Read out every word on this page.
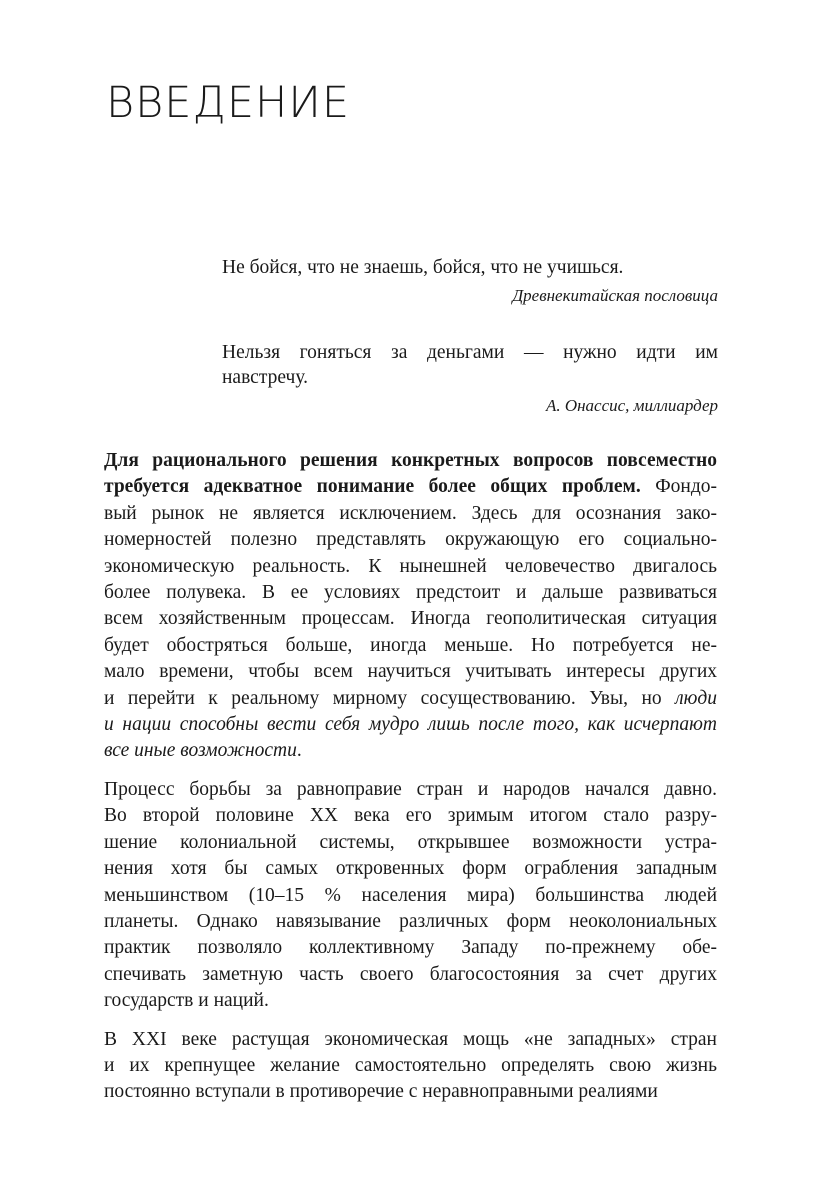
ВВЕДЕНИЕ

Не бойся, что не знаешь, бойся, что не учишься.

Древнекитайская пословица

Нельзя гоняться за деньгами — нужно идти им
навстречу.

А. Онассис, миллиардер

Для рационального решения конкретных вопросов повсеместно
требуется адекватное понимание более общих проблем. Фондо-
вый рынок не является исключением. Здесь для осознания зако-
номерностей полезно представлять окружающую его социально-
экономическую реальность. К нынешней человечество двигалось
более полувека. В ее условиях предстоит и дальше развиваться
всем хозяйственным процессам. Иногда геополитическая ситуация
будет обостряться больше, иногда меньше. Но потребуется не-
мало времени, чтобы всем научиться учитывать интересы других
и перейти к реальному мирному сосуществованию. Увы, но люди
и нации способны вести себя мудро лишь после того, как исчерпают
все иные возможности.

Процесс борьбы за равноправие стран и народов начался давно.
Во второй половине XX века его зримым итогом стало разру-
шение колониальной системы, открывшее возможности устра-
нения хотя бы самых откровенных форм ограбления западным
меньшинством (10–15 % населения мира) большинства людей
планеты. Однако навязывание различных форм неоколониальных
практик позволяло коллективному Западу по-прежнему обе-
спечивать заметную часть своего благосостояния за счет других
государств и наций.

В XXI веке растущая экономическая мощь «не западных» стран
и их крепнущее желание самостоятельно определять свою жизнь
постоянно вступали в противоречие с неравноправными реалиями
